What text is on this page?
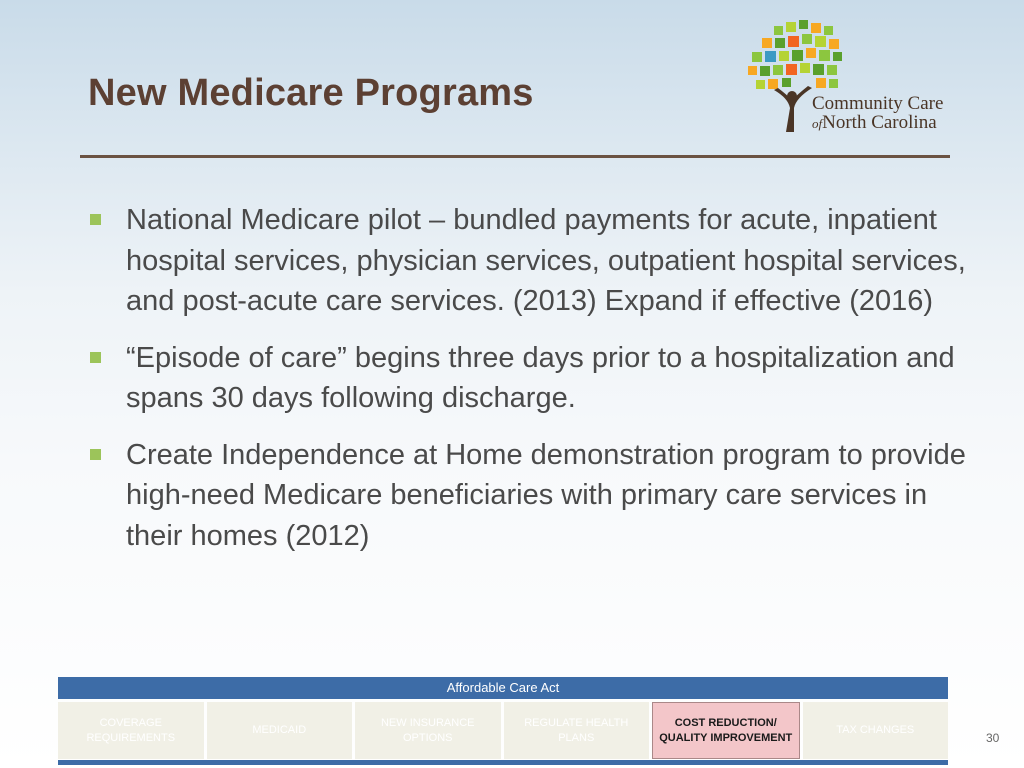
New Medicare Programs	Community Care
ofNorth Carolina
National Medicare pilot – bundled payments for acute, inpatient hospital services, physician services, outpatient hospital services, and post-acute care services. (2013) Expand if effective (2016)
“Episode of care” begins three days prior to a hospitalization and spans 30 days following discharge.
Create Independence at Home demonstration program to provide high-need Medicare beneficiaries with primary care services in their homes (2012)
Affordable Care Act
COVERAGE REQUIREMENTS
MEDICAID
NEW INSURANCE OPTIONS
REGULATE HEALTH PLANS
COST REDUCTION/ QUALITY IMPROVEMENT
TAX CHANGES
30
